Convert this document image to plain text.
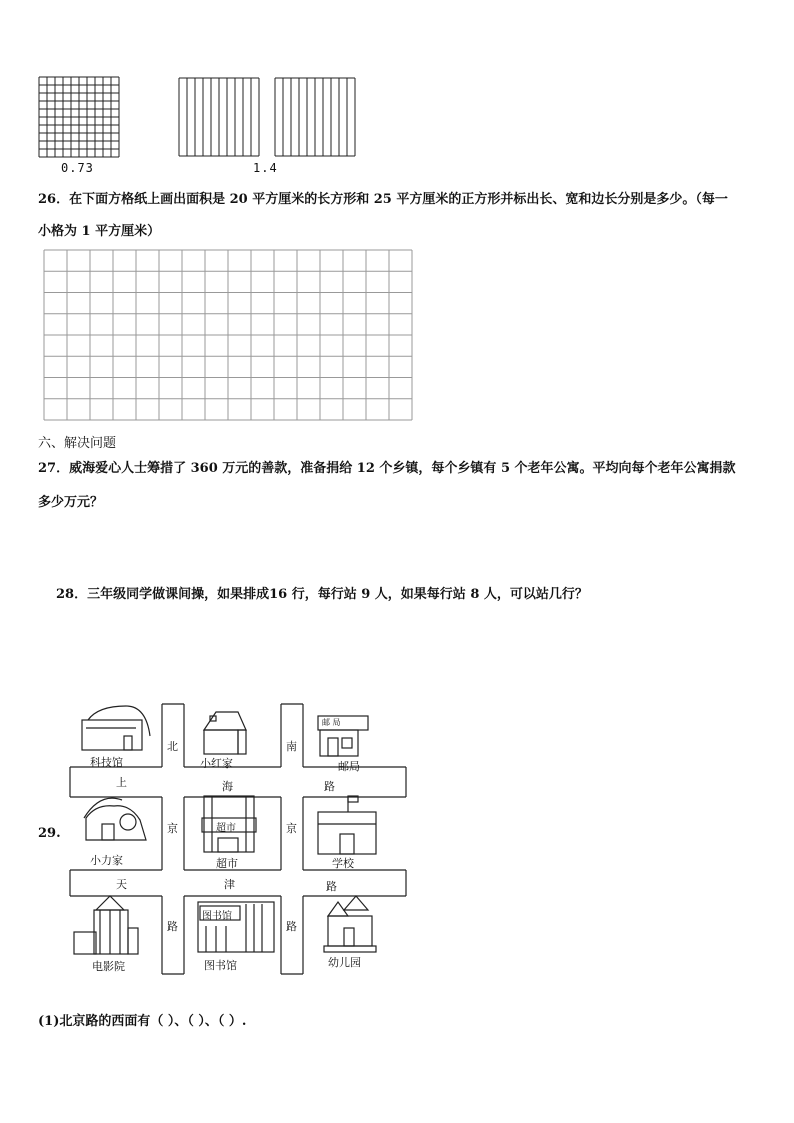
0.73	1.4
26．在下面方格纸上画出面积是 20 平方厘米的长方形和 25 平方厘米的正方形并标出长、宽和边长分别是多少。（每一
小格为 1 平方厘米）
六、解决问题
27．威海爱心人士筹措了 360 万元的善款，准备捐给 12 个乡镇，每个乡镇有 5 个老年公寓。平均向每个老年公寓捐款
多少万元？
28．三年级同学做课间操，如果排成16 行，每行站 9 人，如果每行站 8 人，可以站几行？
29.
科技馆	小红家	邮局
邮 局
小力家	超市
超市
学校
电影院	图书馆
图书馆
幼儿园
上	海	路
天	津	路
北
京
路
南
京
路
(1)北京路的西面有（ ）、（ ）、（ ）.
